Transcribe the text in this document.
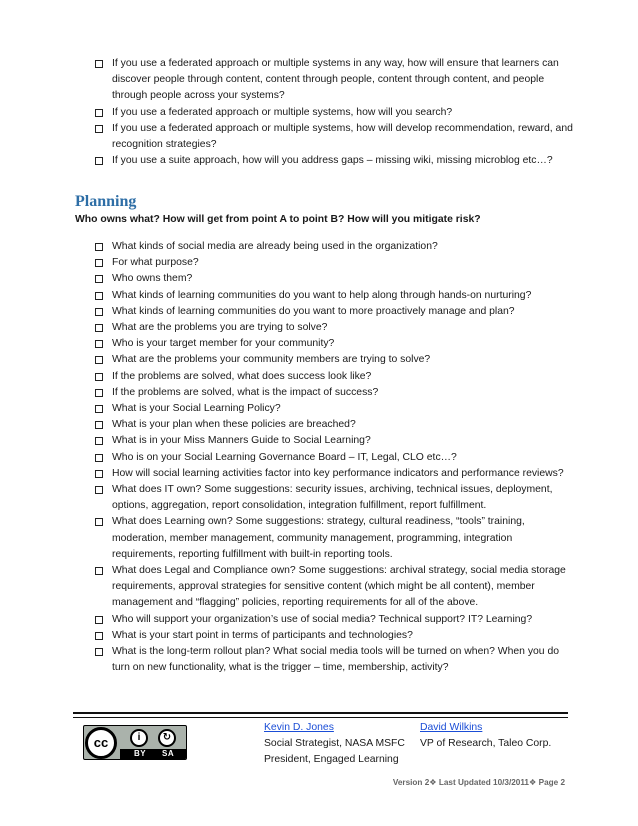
If you use a federated approach or multiple systems in any way, how will ensure that learners can discover people through content, content through people, content through content, and people through people across your systems?
If you use a federated approach or multiple systems, how will you search?
If you use a federated approach or multiple systems, how will develop recommendation, reward, and recognition strategies?
If you use a suite approach, how will you address gaps – missing wiki, missing microblog etc…?
Planning

Who owns what? How will get from point A to point B? How will you mitigate risk?

What kinds of social media are already being used in the organization?
For what purpose?
Who owns them?
What kinds of learning communities do you want to help along through hands-on nurturing?
What kinds of learning communities do you want to more proactively manage and plan?
What are the problems you are trying to solve?
Who is your target member for your community?
What are the problems your community members are trying to solve?
If the problems are solved, what does success look like?
If the problems are solved, what is the impact of success?
What is your Social Learning Policy?
What is your plan when these policies are breached?
What is in your Miss Manners Guide to Social Learning?
Who is on your Social Learning Governance Board – IT, Legal, CLO etc…?
How will social learning activities factor into key performance indicators and performance reviews?
What does IT own? Some suggestions: security issues, archiving, technical issues, deployment, options, aggregation, report consolidation, integration fulfillment, report fulfillment.
What does Learning own? Some suggestions: strategy, cultural readiness, “tools” training, moderation, member management, community management, programming, integration requirements, reporting fulfillment with built-in reporting tools.
What does Legal and Compliance own? Some suggestions: archival strategy, social media storage requirements, approval strategies for sensitive content (which might be all content), member management and “flagging” policies, reporting requirements for all of the above.
Who will support your organization’s use of social media? Technical support? IT? Learning?
What is your start point in terms of participants and technologies?
What is the long-term rollout plan? What social media tools will be turned on when? When you do turn on new functionality, what is the trigger – time, membership, activity?
cc	i	↻
BY SA
Kevin D. Jones
Social Strategist, NASA MSFC
President, Engaged Learning
David Wilkins
VP of Research, Taleo Corp.
Version 2❖ Last Updated 10/3/2011❖ Page 2
